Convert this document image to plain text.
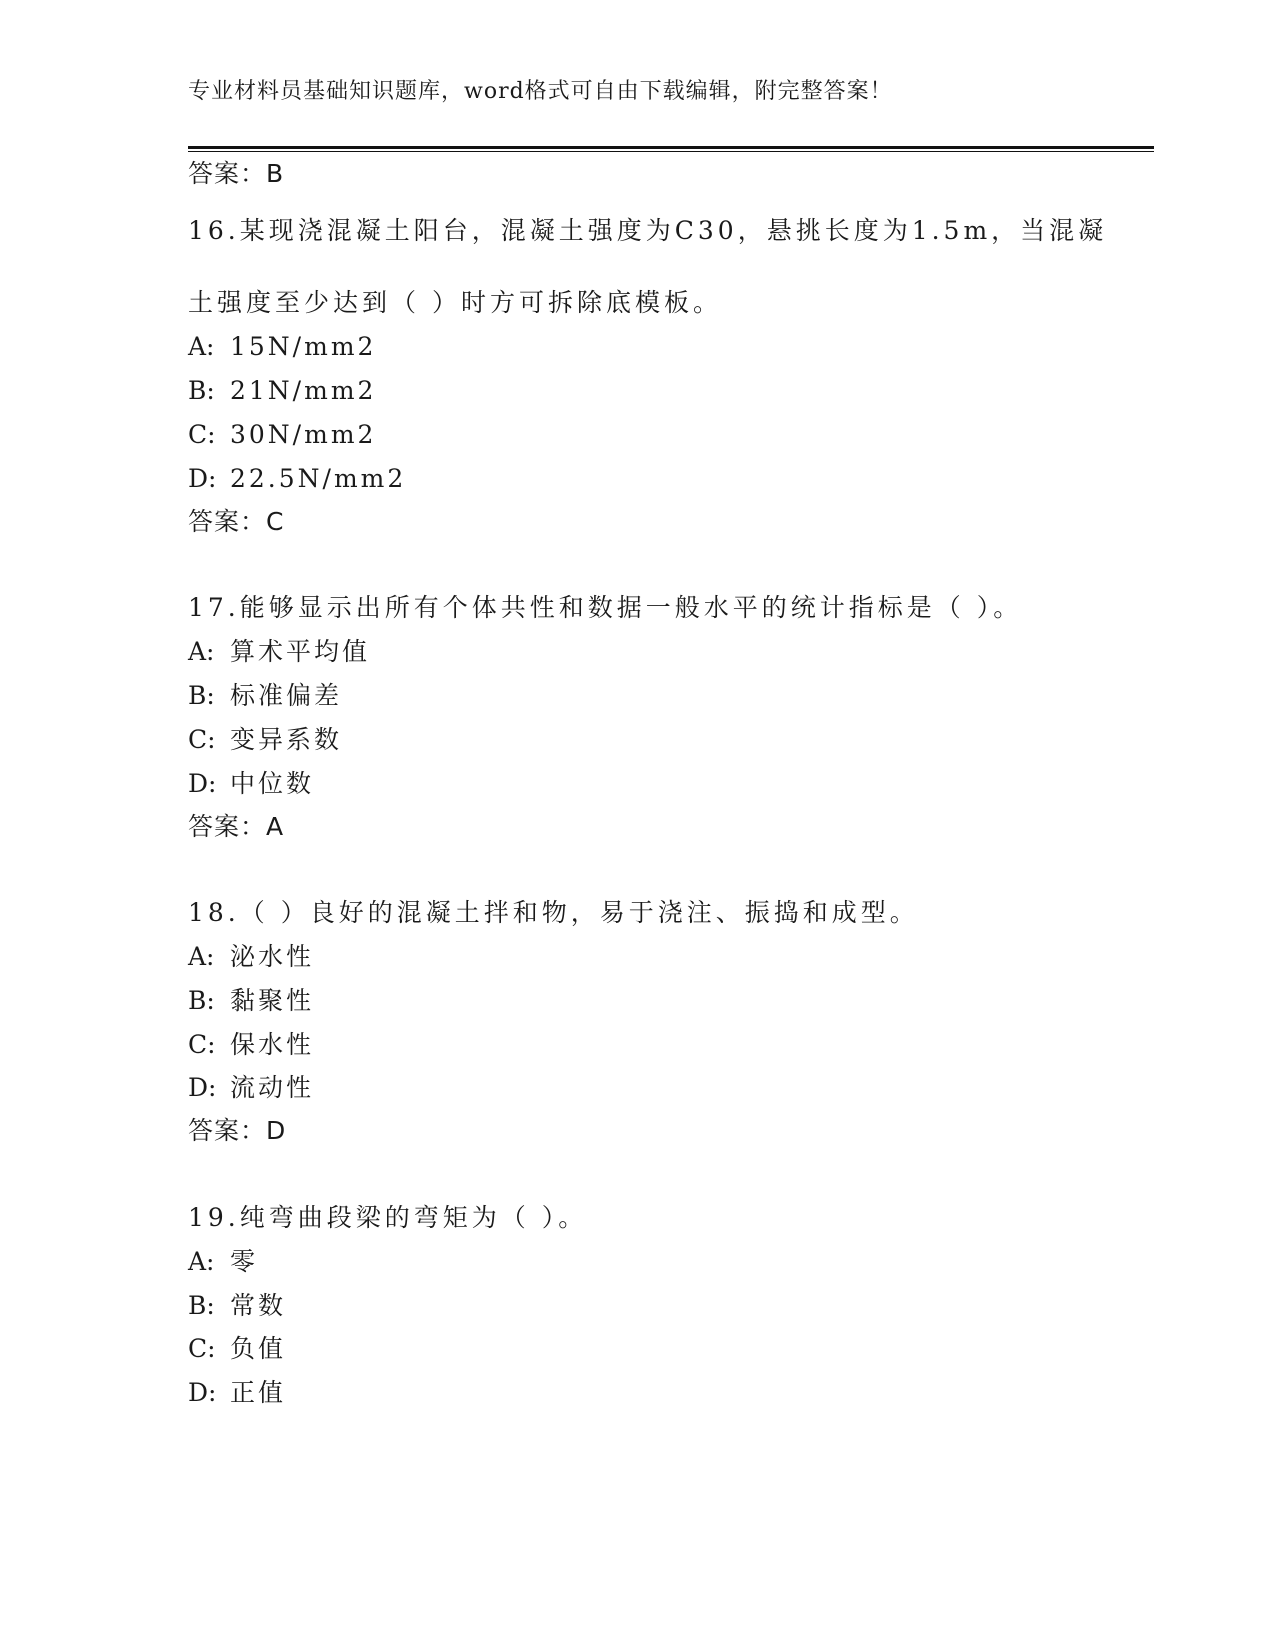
专业材料员基础知识题库，word格式可自由下载编辑，附完整答案！
答案：B
16.某现浇混凝土阳台，混凝土强度为C30，悬挑长度为1.5m，当混凝
土强度至少达到（ ）时方可拆除底模板。
A: 15N/mm2
B: 21N/mm2
C: 30N/mm2
D: 22.5N/mm2
答案：C
17.能够显示出所有个体共性和数据一般水平的统计指标是（ ）。
A: 算术平均值
B: 标准偏差
C: 变异系数
D: 中位数
答案：A
18.（ ）良好的混凝土拌和物，易于浇注、振捣和成型。
A: 泌水性
B: 黏聚性
C: 保水性
D: 流动性
答案：D
19.纯弯曲段梁的弯矩为（ ）。
A: 零
B: 常数
C: 负值
D: 正值
